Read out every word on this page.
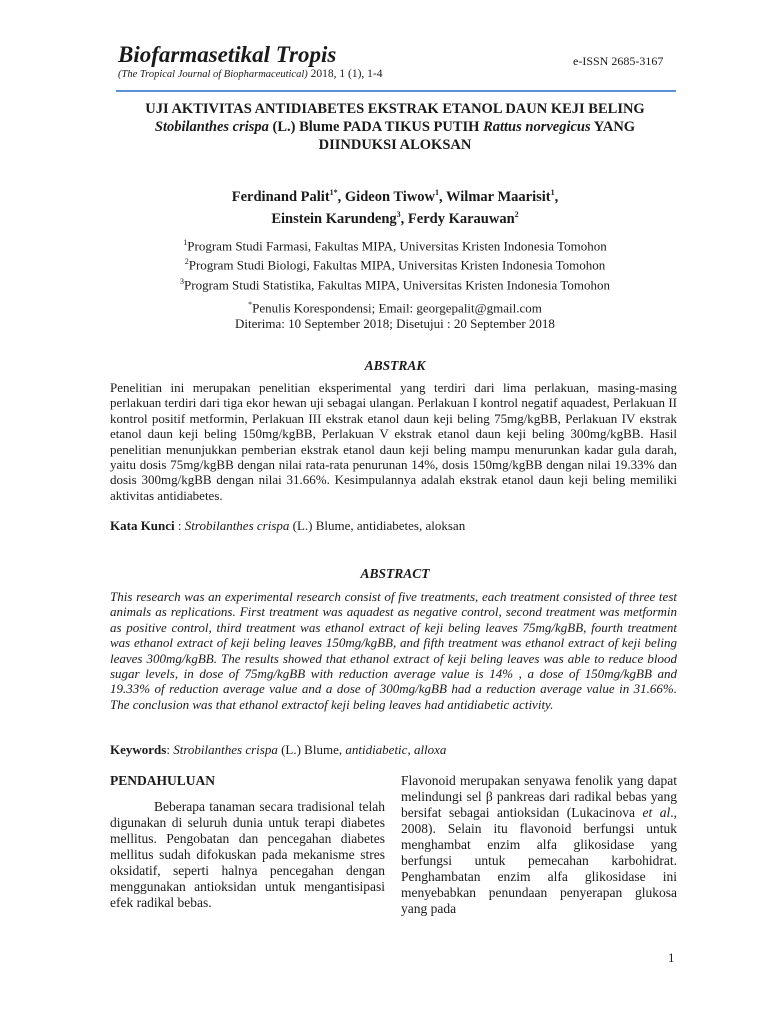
Biofarmasetikal Tropis
(The Tropical Journal of Biopharmaceutical) 2018, 1 (1), 1-4
e-ISSN 2685-3167
UJI AKTIVITAS ANTIDIABETES EKSTRAK ETANOL DAUN KEJI BELING
Stobilanthes crispa (L.) Blume PADA TIKUS PUTIH Rattus norvegicus YANG
DIINDUKSI ALOKSAN
Ferdinand Palit$^{1*}$, Gideon Tiwow$^1$, Wilmar Maarisit$^1$,
Einstein Karundeng$^3$, Ferdy Karauwan$^2$
$^1$Program Studi Farmasi, Fakultas MIPA, Universitas Kristen Indonesia Tomohon
$^2$Program Studi Biologi, Fakultas MIPA, Universitas Kristen Indonesia Tomohon
$^3$Program Studi Statistika, Fakultas MIPA, Universitas Kristen Indonesia Tomohon
*Penulis Korespondensi; Email: georgepalit@gmail.com
Diterima: 10 September 2018; Disetujui : 20 September 2018
ABSTRAK
Penelitian ini merupakan penelitian eksperimental yang terdiri dari lima perlakuan, masing-masing perlakuan terdiri dari tiga ekor hewan uji sebagai ulangan. Perlakuan I kontrol negatif aquadest, Perlakuan II kontrol positif metformin, Perlakuan III ekstrak etanol daun keji beling 75mg/kgBB, Perlakuan IV ekstrak etanol daun keji beling 150mg/kgBB, Perlakuan V ekstrak etanol daun keji beling 300mg/kgBB. Hasil penelitian menunjukkan pemberian ekstrak etanol daun keji beling mampu menurunkan kadar gula darah, yaitu dosis 75mg/kgBB dengan nilai rata-rata penurunan 14%, dosis 150mg/kgBB dengan nilai 19.33% dan dosis 300mg/kgBB dengan nilai 31.66%. Kesimpulannya adalah ekstrak etanol daun keji beling memiliki aktivitas antidiabetes.
Kata Kunci : Strobilanthes crispa (L.) Blume, antidiabetes, aloksan
ABSTRACT
This research was an experimental research consist of five treatments, each treatment consisted of three test animals as replications. First treatment was aquadest as negative control, second treatment was metformin as positive control, third treatment was ethanol extract of keji beling leaves 75mg/kgBB, fourth treatment was ethanol extract of keji beling leaves 150mg/kgBB, and fifth treatment was ethanol extract of keji beling leaves 300mg/kgBB. The results showed that ethanol extract of keji beling leaves was able to reduce blood sugar levels, in dose of 75mg/kgBB with reduction average value is 14% , a dose of 150mg/kgBB and 19.33% of reduction average value and a dose of 300mg/kgBB had a reduction average value in 31.66%. The conclusion was that ethanol extractof keji beling leaves had antidiabetic activity.
Keywords: Strobilanthes crispa (L.) Blume, antidiabetic, alloxa
PENDAHULUAN
Beberapa tanaman secara tradisional telah digunakan di seluruh dunia untuk terapi diabetes mellitus. Pengobatan dan pencegahan diabetes mellitus sudah difokuskan pada mekanisme stres oksidatif, seperti halnya pencegahan dengan menggunakan antioksidan untuk mengantisipasi efek radikal bebas.
Flavonoid merupakan senyawa fenolik yang dapat melindungi sel β pankreas dari radikal bebas yang bersifat sebagai antioksidan (Lukacinova et al., 2008). Selain itu flavonoid berfungsi untuk menghambat enzim alfa glikosidase yang berfungsi untuk pemecahan karbohidrat. Penghambatan enzim alfa glikosidase ini menyebabkan penundaan penyerapan glukosa yang pada
1
